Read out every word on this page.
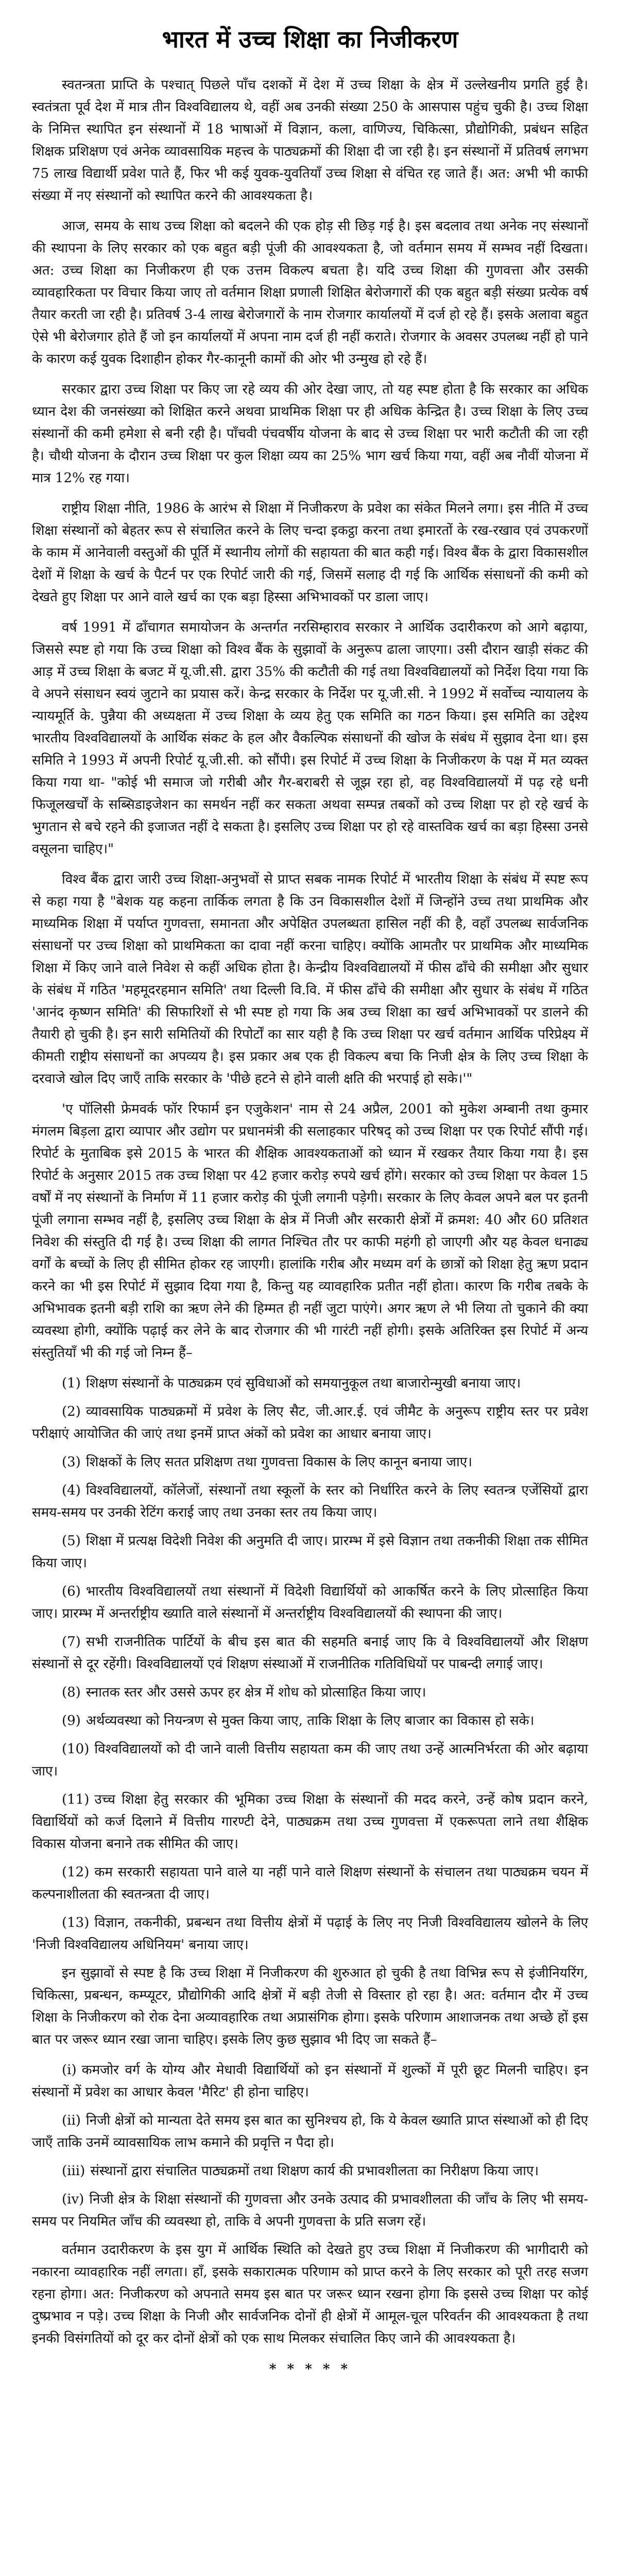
भारत में उच्च शिक्षा का निजीकरण

स्वतन्त्रता प्राप्ति के पश्चात् पिछले पाँच दशकों में देश में उच्च शिक्षा के क्षेत्र में उल्लेखनीय प्रगति हुई है। स्वतंत्रता पूर्व देश में मात्र तीन विश्वविद्यालय थे, वहीं अब उनकी संख्या 250 के आसपास पहुंच चुकी है। उच्च शिक्षा के निमित्त स्थापित इन संस्थानों में 18 भाषाओं में विज्ञान, कला, वाणिज्य, चिकित्सा, प्रौद्योगिकी, प्रबंधन सहित शिक्षक प्रशिक्षण एवं अनेक व्यावसायिक महत्त्व के पाठ्यक्रमों की शिक्षा दी जा रही है। इन संस्थानों में प्रतिवर्ष लगभग 75 लाख विद्यार्थी प्रवेश पाते हैं, फिर भी कई युवक-युवतियाँ उच्च शिक्षा से वंचित रह जाते हैं। अत: अभी भी काफी संख्या में नए संस्थानों को स्थापित करने की आवश्यकता है।

आज, समय के साथ उच्च शिक्षा को बदलने की एक होड़ सी छिड़ गई है। इस बदलाव तथा अनेक नए संस्थानों की स्थापना के लिए सरकार को एक बहुत बड़ी पूंजी की आवश्यकता है, जो वर्तमान समय में सम्भव नहीं दिखता। अत: उच्च शिक्षा का निजीकरण ही एक उत्तम विकल्प बचता है। यदि उच्च शिक्षा की गुणवत्ता और उसकी व्यावहारिकता पर विचार किया जाए तो वर्तमान शिक्षा प्रणाली शिक्षित बेरोजगारों की एक बहुत बड़ी संख्या प्रत्येक वर्ष तैयार करती जा रही है। प्रतिवर्ष 3-4 लाख बेरोजगारों के नाम रोजगार कार्यालयों में दर्ज हो रहे हैं। इसके अलावा बहुत ऐसे भी बेरोजगार होते हैं जो इन कार्यालयों में अपना नाम दर्ज ही नहीं कराते। रोजगार के अवसर उपलब्ध नहीं हो पाने के कारण कई युवक दिशाहीन होकर गैर-कानूनी कामों की ओर भी उन्मुख हो रहे हैं।

सरकार द्वारा उच्च शिक्षा पर किए जा रहे व्यय की ओर देखा जाए, तो यह स्पष्ट होता है कि सरकार का अधिक ध्यान देश की जनसंख्या को शिक्षित करने अथवा प्राथमिक शिक्षा पर ही अधिक केन्द्रित है। उच्च शिक्षा के लिए उच्च संस्थानों की कमी हमेशा से बनी रही है। पाँचवी पंचवर्षीय योजना के बाद से उच्च शिक्षा पर भारी कटौती की जा रही है। चौथी योजना के दौरान उच्च शिक्षा पर कुल शिक्षा व्यय का 25% भाग खर्च किया गया, वहीं अब नौवीं योजना में मात्र 12% रह गया।

राष्ट्रीय शिक्षा नीति, 1986 के आरंभ से शिक्षा में निजीकरण के प्रवेश का संकेत मिलने लगा। इस नीति में उच्च शिक्षा संस्थानों को बेहतर रूप से संचालित करने के लिए चन्दा इकट्ठा करना तथा इमारतों के रख-रखाव एवं उपकरणों के काम में आनेवाली वस्तुओं की पूर्ति में स्थानीय लोगों की सहायता की बात कही गई। विश्व बैंक के द्वारा विकासशील देशों में शिक्षा के खर्च के पैटर्न पर एक रिपोर्ट जारी की गई, जिसमें सलाह दी गई कि आर्थिक संसाधनों की कमी को देखते हुए शिक्षा पर आने वाले खर्च का एक बड़ा हिस्सा अभिभावकों पर डाला जाए।

वर्ष 1991 में ढाँचागत समायोजन के अन्तर्गत नरसिम्हाराव सरकार ने आर्थिक उदारीकरण को आगे बढ़ाया, जिससे स्पष्ट हो गया कि उच्च शिक्षा को विश्व बैंक के सुझावों के अनुरूप ढाला जाएगा। उसी दौरान खाड़ी संकट की आड़ में उच्च शिक्षा के बजट में यू.जी.सी. द्वारा 35% की कटौती की गई तथा विश्वविद्यालयों को निर्देश दिया गया कि वे अपने संसाधन स्वयं जुटाने का प्रयास करें। केन्द्र सरकार के निर्देश पर यू.जी.सी. ने 1992 में सर्वोच्च न्यायालय के न्यायमूर्ति के. पुन्नैया की अध्यक्षता में उच्च शिक्षा के व्यय हेतु एक समिति का गठन किया। इस समिति का उद्देश्य भारतीय विश्वविद्यालयों के आर्थिक संकट के हल और वैकल्पिक संसाधनों की खोज के संबंध में सुझाव देना था। इस समिति ने 1993 में अपनी रिपोर्ट यू.जी.सी. को सौंपी। इस रिपोर्ट में उच्च शिक्षा के निजीकरण के पक्ष में मत व्यक्त किया गया था- "कोई भी समाज जो गरीबी और गैर-बराबरी से जूझ रहा हो, वह विश्वविद्यालयों में पढ़ रहे धनी फिजूलखर्चों के सब्सिडाइजेशन का समर्थन नहीं कर सकता अथवा सम्पन्न तबकों को उच्च शिक्षा पर हो रहे खर्च के भुगतान से बचे रहने की इजाजत नहीं दे सकता है। इसलिए उच्च शिक्षा पर हो रहे वास्तविक खर्च का बड़ा हिस्सा उनसे वसूलना चाहिए।"

विश्व बैंक द्वारा जारी उच्च शिक्षा-अनुभवों से प्राप्त सबक नामक रिपोर्ट में भारतीय शिक्षा के संबंध में स्पष्ट रूप से कहा गया है "बेशक यह कहना तार्किक लगता है कि उन विकासशील देशों में जिन्होंने उच्च तथा प्राथमिक और माध्यमिक शिक्षा में पर्याप्त गुणवत्ता, समानता और अपेक्षित उपलब्धता हासिल नहीं की है, वहाँ उपलब्ध सार्वजनिक संसाधनों पर उच्च शिक्षा को प्राथमिकता का दावा नहीं करना चाहिए। क्योंकि आमतौर पर प्राथमिक और माध्यमिक शिक्षा में किए जाने वाले निवेश से कहीं अधिक होता है। केन्द्रीय विश्वविद्यालयों में फीस ढाँचे की समीक्षा और सुधार के संबंध में गठित 'महमूदरहमान समिति' तथा दिल्ली वि.वि. में फीस ढाँचे की समीक्षा और सुधार के संबंध में गठित 'आनंद कृष्णन समिति' की सिफारिशों से भी स्पष्ट हो गया कि अब उच्च शिक्षा का खर्च अभिभावकों पर डालने की तैयारी हो चुकी है। इन सारी समितियों की रिपोर्टों का सार यही है कि उच्च शिक्षा पर खर्च वर्तमान आर्थिक परिप्रेक्ष्य में कीमती राष्ट्रीय संसाधनों का अपव्यय है। इस प्रकार अब एक ही विकल्प बचा कि निजी क्षेत्र के लिए उच्च शिक्षा के दरवाजे खोल दिए जाएँ ताकि सरकार के 'पीछे हटने से होने वाली क्षति की भरपाई हो सके।'"

'ए पॉलिसी फ्रेमवर्क फॉर रिफार्म इन एजुकेशन' नाम से 24 अप्रैल, 2001 को मुकेश अम्बानी तथा कुमार मंगलम बिड़ला द्वारा व्यापार और उद्योग पर प्रधानमंत्री की सलाहकार परिषद् को उच्च शिक्षा पर एक रिपोर्ट सौंपी गई। रिपोर्ट के मुताबिक इसे 2015 के भारत की शैक्षिक आवश्यकताओं को ध्यान में रखकर तैयार किया गया है। इस रिपोर्ट के अनुसार 2015 तक उच्च शिक्षा पर 42 हजार करोड़ रुपये खर्च होंगे। सरकार को उच्च शिक्षा पर केवल 15 वर्षों में नए संस्थानों के निर्माण में 11 हजार करोड़ की पूंजी लगानी पड़ेगी। सरकार के लिए केवल अपने बल पर इतनी पूंजी लगाना सम्भव नहीं है, इसलिए उच्च शिक्षा के क्षेत्र में निजी और सरकारी क्षेत्रों में क्रमश: 40 और 60 प्रतिशत निवेश की संस्तुति दी गई है। उच्च शिक्षा की लागत निश्चित तौर पर काफी महंगी हो जाएगी और यह केवल धनाढ्य वर्गों के बच्चों के लिए ही सीमित होकर रह जाएगी। हालांकि गरीब और मध्यम वर्ग के छात्रों को शिक्षा हेतु ऋण प्रदान करने का भी इस रिपोर्ट में सुझाव दिया गया है, किन्तु यह व्यावहारिक प्रतीत नहीं होता। कारण कि गरीब तबके के अभिभावक इतनी बड़ी राशि का ऋण लेने की हिम्मत ही नहीं जुटा पाएंगे। अगर ऋण ले भी लिया तो चुकाने की क्या व्यवस्था होगी, क्योंकि पढ़ाई कर लेने के बाद रोजगार की भी गारंटी नहीं होगी। इसके अतिरिक्त इस रिपोर्ट में अन्य संस्तुतियाँ भी की गई जो निम्न हैं–

(1) शिक्षण संस्थानों के पाठ्यक्रम एवं सुविधाओं को समयानुकूल तथा बाजारोन्मुखी बनाया जाए।

(2) व्यावसायिक पाठ्यक्रमों में प्रवेश के लिए सैट, जी.आर.ई. एवं जीमैट के अनुरूप राष्ट्रीय स्तर पर प्रवेश परीक्षाएं आयोजित की जाएं तथा इनमें प्राप्त अंकों को प्रवेश का आधार बनाया जाए।

(3) शिक्षकों के लिए सतत प्रशिक्षण तथा गुणवत्ता विकास के लिए कानून बनाया जाए।

(4) विश्वविद्यालयों, कॉलेजों, संस्थानों तथा स्कूलों के स्तर को निर्धारित करने के लिए स्वतन्त्र एजेंसियों द्वारा समय-समय पर उनकी रेटिंग कराई जाए तथा उनका स्तर तय किया जाए।

(5) शिक्षा में प्रत्यक्ष विदेशी निवेश की अनुमति दी जाए। प्रारम्भ में इसे विज्ञान तथा तकनीकी शिक्षा तक सीमित किया जाए।

(6) भारतीय विश्वविद्यालयों तथा संस्थानों में विदेशी विद्यार्थियों को आकर्षित करने के लिए प्रोत्साहित किया जाए। प्रारम्भ में अन्तर्राष्ट्रीय ख्याति वाले संस्थानों में अन्तर्राष्ट्रीय विश्वविद्यालयों की स्थापना की जाए।

(7) सभी राजनीतिक पार्टियों के बीच इस बात की सहमति बनाई जाए कि वे विश्वविद्यालयों और शिक्षण संस्थानों से दूर रहेंगी। विश्वविद्यालयों एवं शिक्षण संस्थाओं में राजनीतिक गतिविधियों पर पाबन्दी लगाई जाए।

(8) स्नातक स्तर और उससे ऊपर हर क्षेत्र में शोध को प्रोत्साहित किया जाए।

(9) अर्थव्यवस्था को नियन्त्रण से मुक्त किया जाए, ताकि शिक्षा के लिए बाजार का विकास हो सके।

(10) विश्वविद्यालयों को दी जाने वाली वित्तीय सहायता कम की जाए तथा उन्हें आत्मनिर्भरता की ओर बढ़ाया जाए।

(11) उच्च शिक्षा हेतु सरकार की भूमिका उच्च शिक्षा के संस्थानों की मदद करने, उन्हें कोष प्रदान करने, विद्यार्थियों को कर्ज दिलाने में वित्तीय गारण्टी देने, पाठ्यक्रम तथा उच्च गुणवत्ता में एकरूपता लाने तथा शैक्षिक विकास योजना बनाने तक सीमित की जाए।

(12) कम सरकारी सहायता पाने वाले या नहीं पाने वाले शिक्षण संस्थानों के संचालन तथा पाठ्यक्रम चयन में कल्पनाशीलता की स्वतन्त्रता दी जाए।

(13) विज्ञान, तकनीकी, प्रबन्धन तथा वित्तीय क्षेत्रों में पढ़ाई के लिए नए निजी विश्वविद्यालय खोलने के लिए 'निजी विश्वविद्यालय अधिनियम' बनाया जाए।

इन सुझावों से स्पष्ट है कि उच्च शिक्षा में निजीकरण की शुरुआत हो चुकी है तथा विभिन्न रूप से इंजीनियरिंग, चिकित्सा, प्रबन्धन, कम्प्यूटर, प्रौद्योगिकी आदि क्षेत्रों में बड़ी तेजी से विस्तार हो रहा है। अत: वर्तमान दौर में उच्च शिक्षा के निजीकरण को रोक देना अव्यावहारिक तथा अप्रासंगिक होगा। इसके परिणाम आशाजनक तथा अच्छे हों इस बात पर जरूर ध्यान रखा जाना चाहिए। इसके लिए कुछ सुझाव भी दिए जा सकते हैं–

(i) कमजोर वर्ग के योग्य और मेधावी विद्यार्थियों को इन संस्थानों में शुल्कों में पूरी छूट मिलनी चाहिए। इन संस्थानों में प्रवेश का आधार केवल 'मैरिट' ही होना चाहिए।

(ii) निजी क्षेत्रों को मान्यता देते समय इस बात का सुनिश्चय हो, कि ये केवल ख्याति प्राप्त संस्थाओं को ही दिए जाएँ ताकि उनमें व्यावसायिक लाभ कमाने की प्रवृत्ति न पैदा हो।

(iii) संस्थानों द्वारा संचालित पाठ्यक्रमों तथा शिक्षण कार्य की प्रभावशीलता का निरीक्षण किया जाए।

(iv) निजी क्षेत्र के शिक्षा संस्थानों की गुणवत्ता और उनके उत्पाद की प्रभावशीलता की जाँच के लिए भी समय-समय पर नियमित जाँच की व्यवस्था हो, ताकि वे अपनी गुणवत्ता के प्रति सजग रहें।

वर्तमान उदारीकरण के इस युग में आर्थिक स्थिति को देखते हुए उच्च शिक्षा में निजीकरण की भागीदारी को नकारना व्यावहारिक नहीं लगता। हाँ, इसके सकारात्मक परिणाम को प्राप्त करने के लिए सरकार को पूरी तरह सजग रहना होगा। अत: निजीकरण को अपनाते समय इस बात पर जरूर ध्यान रखना होगा कि इससे उच्च शिक्षा पर कोई दुष्प्रभाव न पड़े। उच्च शिक्षा के निजी और सार्वजनिक दोनों ही क्षेत्रों में आमूल-चूल परिवर्तन की आवश्यकता है तथा इनकी विसंगतियों को दूर कर दोनों क्षेत्रों को एक साथ मिलकर संचालित किए जाने की आवश्यकता है।

* * * * *
